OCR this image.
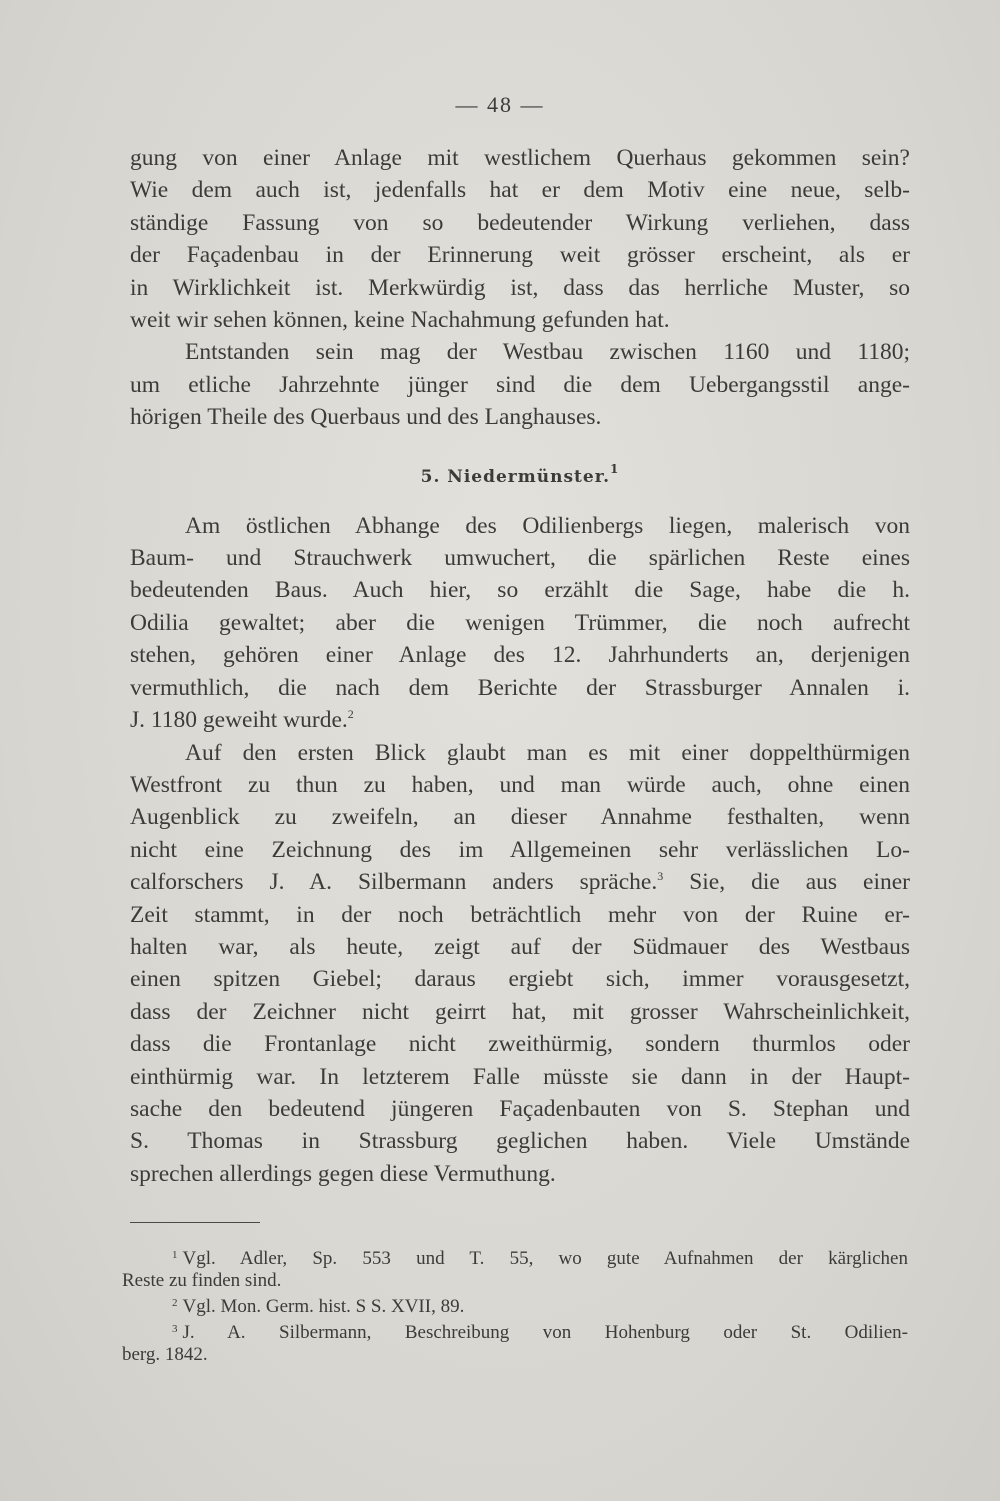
— 48 —
gung von einer Anlage mit westlichem Querhaus gekommen sein?
Wie dem auch ist, jedenfalls hat er dem Motiv eine neue, selb-
ständige Fassung von so bedeutender Wirkung verliehen, dass
der Façadenbau in der Erinnerung weit grösser erscheint, als er
in Wirklichkeit ist. Merkwürdig ist, dass das herrliche Muster, so
weit wir sehen können, keine Nachahmung gefunden hat.
Entstanden sein mag der Westbau zwischen 1160 und 1180;
um etliche Jahrzehnte jünger sind die dem Uebergangsstil ange-
hörigen Theile des Querbaus und des Langhauses.
5. Niedermünster.$^1$
Am östlichen Abhange des Odilienbergs liegen, malerisch von
Baum- und Strauchwerk umwuchert, die spärlichen Reste eines
bedeutenden Baus. Auch hier, so erzählt die Sage, habe die h.
Odilia gewaltet; aber die wenigen Trümmer, die noch aufrecht
stehen, gehören einer Anlage des 12. Jahrhunderts an, derjenigen
vermuthlich, die nach dem Berichte der Strassburger Annalen i.
J. 1180 geweiht wurde.$^2$
Auf den ersten Blick glaubt man es mit einer doppelthürmigen
Westfront zu thun zu haben, und man würde auch, ohne einen
Augenblick zu zweifeln, an dieser Annahme festhalten, wenn
nicht eine Zeichnung des im Allgemeinen sehr verlässlichen Lo-
calforschers J. A. Silbermann anders spräche.$^3$ Sie, die aus einer
Zeit stammt, in der noch beträchtlich mehr von der Ruine er-
halten war, als heute, zeigt auf der Südmauer des Westbaus
einen spitzen Giebel; daraus ergiebt sich, immer vorausgesetzt,
dass der Zeichner nicht geirrt hat, mit grosser Wahrscheinlichkeit,
dass die Frontanlage nicht zweithürmig, sondern thurmlos oder
einthürmig war. In letzterem Falle müsste sie dann in der Haupt-
sache den bedeutend jüngeren Façadenbauten von S. Stephan und
S. Thomas in Strassburg geglichen haben. Viele Umstände
sprechen allerdings gegen diese Vermuthung.
$^1$ Vgl. Adler, Sp. 553 und T. 55, wo gute Aufnahmen der kärglichen
Reste zu finden sind.
$^2$ Vgl. Mon. Germ. hist. S S. XVII, 89.
$^3$ J. A. Silbermann, Beschreibung von Hohenburg oder St. Odilien-
berg. 1842.
